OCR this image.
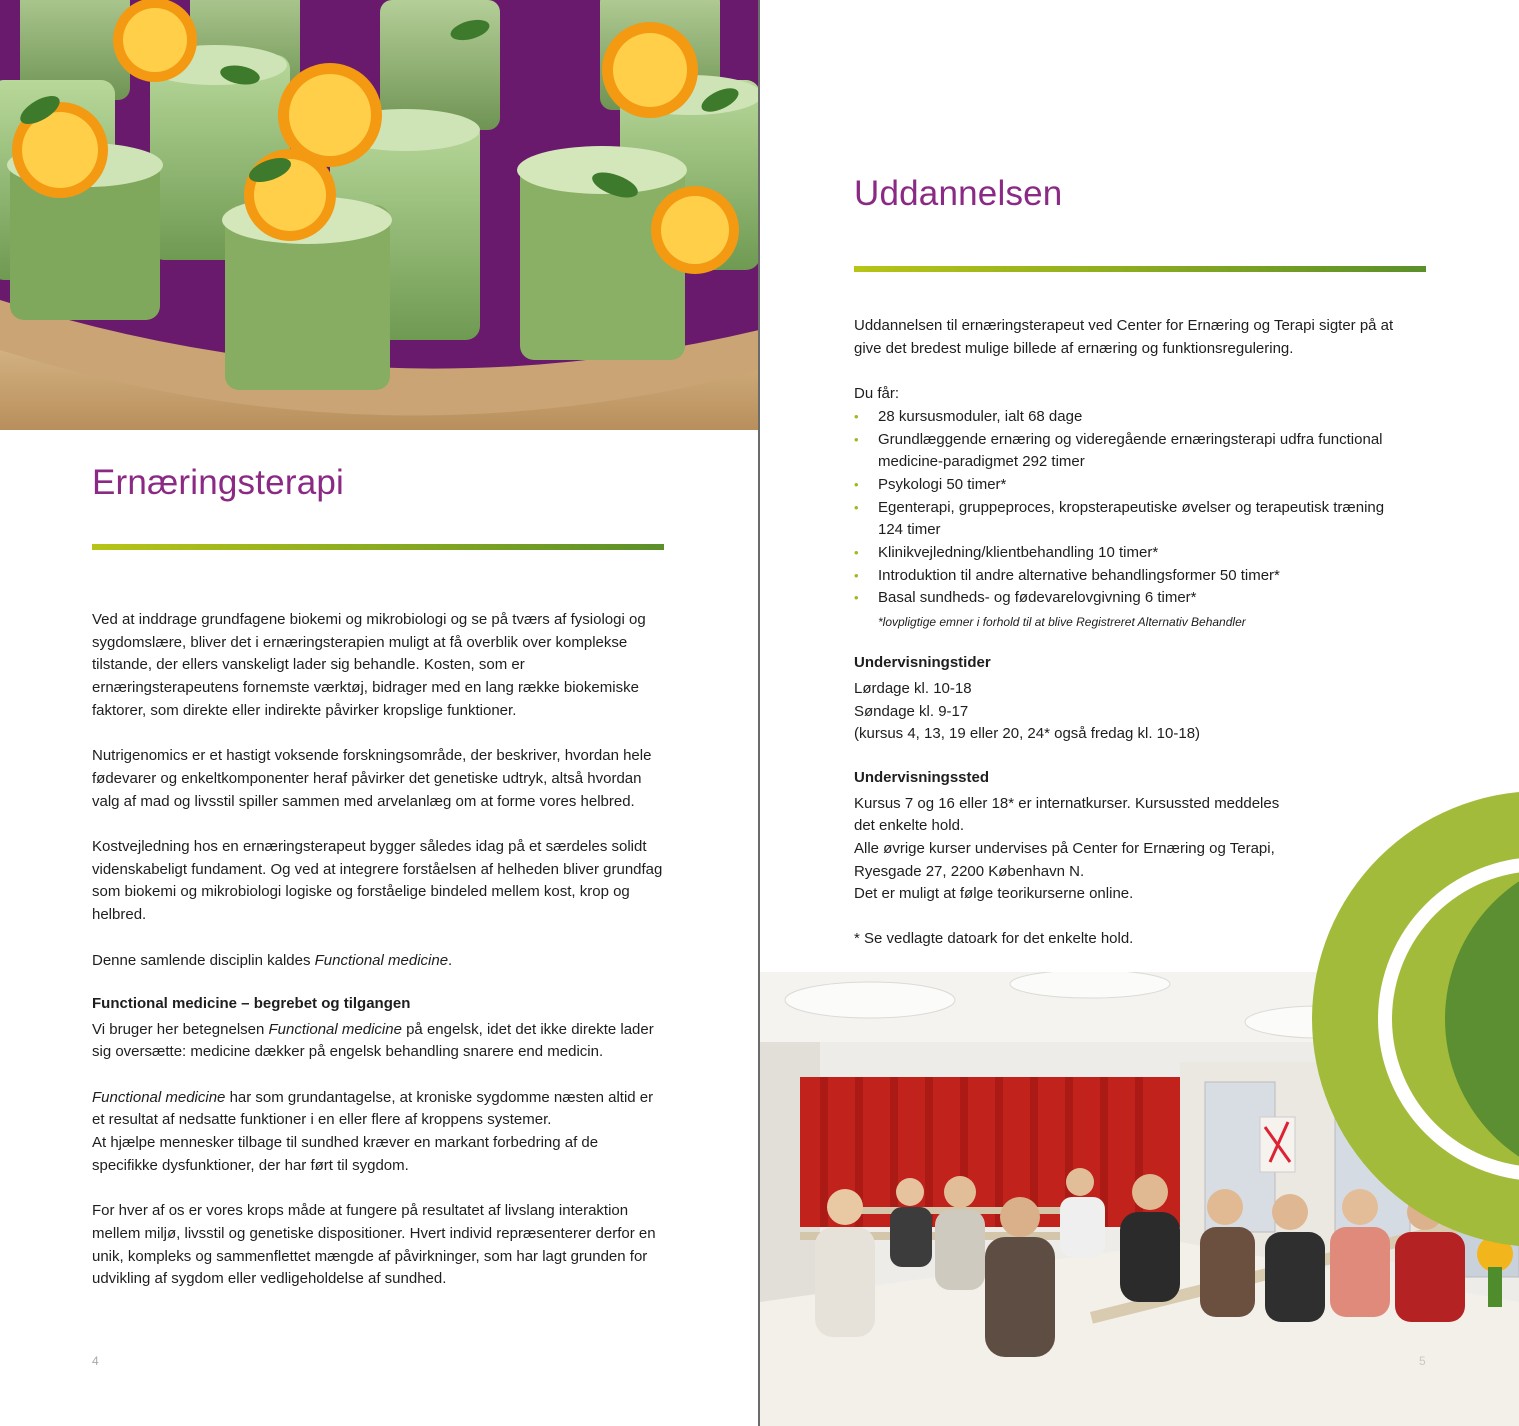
Ernæringsterapi

Ved at inddrage grundfagene biokemi og mikrobiologi og se på tværs af fysiologi og sygdomslære, bliver det i ernæringsterapien muligt at få overblik over komplekse tilstande, der ellers vanskeligt lader sig behandle. Kosten, som er ernæringsterapeutens fornemste værktøj, bidrager med en lang række biokemiske faktorer, som direkte eller indirekte påvirker kropslige funktioner.

Nutrigenomics er et hastigt voksende forskningsområde, der beskriver, hvordan hele fødevarer og enkeltkomponenter heraf påvirker det genetiske udtryk, altså hvordan valg af mad og livsstil spiller sammen med arvelanlæg om at forme vores helbred.

Kostvejledning hos en ernæringsterapeut bygger således idag på et særdeles solidt videnskabeligt fundament. Og ved at integrere forståelsen af helheden bliver grundfag som biokemi og mikrobiologi logiske og forståelige bindeled mellem kost, krop og helbred.

Denne samlende disciplin kaldes Functional medicine.

Functional medicine – begrebet og tilgangen

Vi bruger her betegnelsen Functional medicine på engelsk, idet det ikke direkte lader sig oversætte: medicine dækker på engelsk behandling snarere end medicin.

Functional medicine har som grundantagelse, at kroniske sygdomme næsten altid er et resultat af nedsatte funktioner i en eller flere af kroppens systemer.
At hjælpe mennesker tilbage til sundhed kræver en markant forbedring af de specifikke dysfunktioner, der har ført til sygdom.

For hver af os er vores krops måde at fungere på resultatet af livslang interaktion mellem miljø, livsstil og genetiske dispositioner. Hvert individ repræsenterer derfor en unik, kompleks og sammenflettet mængde af påvirkninger, som har lagt grunden for udvikling af sygdom eller vedligeholdelse af sundhed.

4
Uddannelsen

Uddannelsen til ernæringsterapeut ved Center for Ernæring og Terapi sigter på at give det bredest mulige billede af ernæring og funktionsregulering.

Du får:
• 28 kursusmoduler, ialt 68 dage
• Grundlæggende ernæring og videregående ernæringsterapi udfra functional medicine-paradigmet 292 timer
• Psykologi 50 timer*
• Egenterapi, gruppeproces, kropsterapeutiske øvelser og terapeutisk træning 124 timer
• Klinikvejledning/klientbehandling 10 timer*
• Introduktion til andre alternative behandlingsformer 50 timer*
• Basal sundheds- og fødevarelovgivning 6 timer*
*lovpligtige emner i forhold til at blive Registreret Alternativ Behandler
Undervisningstider
Lørdage kl. 10-18
Søndage kl. 9-17
(kursus 4, 13, 19 eller 20, 24* også fredag kl. 10-18)
Undervisningssted
Kursus 7 og 16 eller 18* er internatkurser. Kursussted meddeles
det enkelte hold.
Alle øvrige kurser undervises på Center for Ernæring og Terapi,
Ryesgade 27, 2200 København N.
Det er muligt at følge teorikurserne online.
* Se vedlagte datoark for det enkelte hold.
5
